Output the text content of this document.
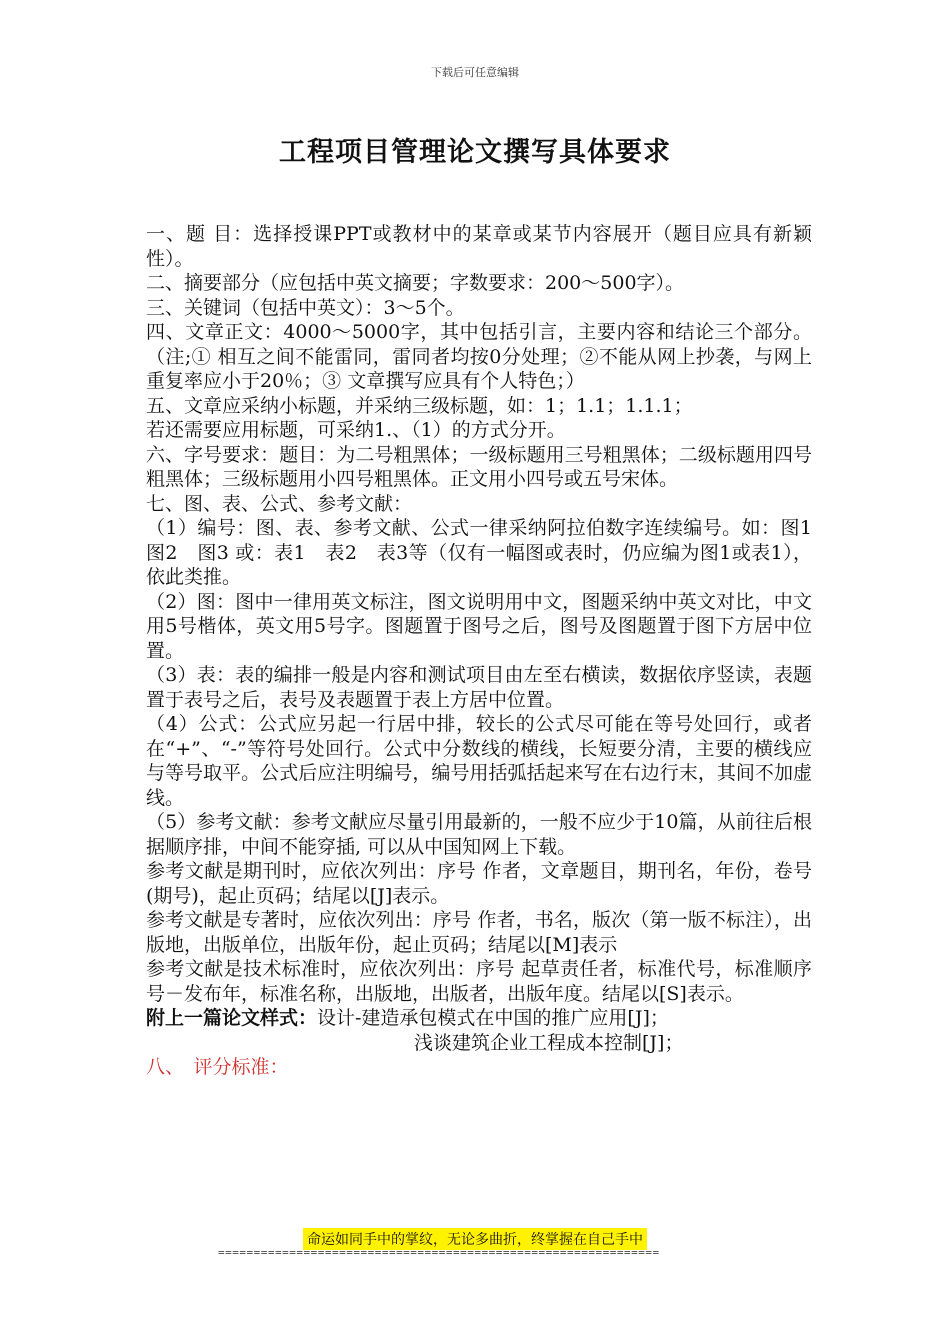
下载后可任意编辑
工程项目管理论文撰写具体要求

一、题 目：选择授课PPT或教材中的某章或某节内容展开（题目应具有新颖性）。

二、摘要部分（应包括中英文摘要；字数要求：200～500字）。

三、关键词（包括中英文）：3～5个。

四、文章正文：4000～5000字，其中包括引言，主要内容和结论三个部分。（注;① 相互之间不能雷同，雷同者均按0分处理；②不能从网上抄袭，与网上重复率应小于20％；③ 文章撰写应具有个人特色；）

五、文章应采纳小标题，并采纳三级标题，如：1；1.1；1.1.1；

若还需要应用标题，可采纳1.、（1）的方式分开。

六、字号要求：题目：为二号粗黑体；一级标题用三号粗黑体；二级标题用四号粗黑体；三级标题用小四号粗黑体。正文用小四号或五号宋体。

七、图、表、公式、参考文献：

（1）编号：图、表、参考文献、公式一律采纳阿拉伯数字连续编号。如：图1　图2　图3 或：表1　表2　表3等（仅有一幅图或表时，仍应编为图1或表1），依此类推。

（2）图：图中一律用英文标注，图文说明用中文，图题采纳中英文对比，中文用5号楷体，英文用5号字。图题置于图号之后，图号及图题置于图下方居中位置。

（3）表：表的编排一般是内容和测试项目由左至右横读，数据依序竖读，表题置于表号之后，表号及表题置于表上方居中位置。

（4）公式：公式应另起一行居中排，较长的公式尽可能在等号处回行，或者在“+”、“-”等符号处回行。公式中分数线的横线，长短要分清，主要的横线应与等号取平。公式后应注明编号，编号用括弧括起来写在右边行末，其间不加虚线。

（5）参考文献：参考文献应尽量引用最新的，一般不应少于10篇，从前往后根据顺序排，中间不能穿插, 可以从中国知网上下载。

参考文献是期刊时，应依次列出：序号 作者，文章题目，期刊名，年份，卷号(期号)，起止页码；结尾以[J]表示。

参考文献是专著时，应依次列出：序号 作者，书名，版次（第一版不标注），出版地，出版单位，出版年份，起止页码；结尾以[M]表示

参考文献是技术标准时，应依次列出：序号 起草责任者，标准代号，标准顺序号－发布年，标准名称，出版地，出版者，出版年度。结尾以[S]表示。

附上一篇论文样式：设计-建造承包模式在中国的推广应用[J]；

浅谈建筑企业工程成本控制[J]；

八、　评分标准：

命运如同手中的掌纹，无论多曲折，终掌握在自己手中
==============================================================
